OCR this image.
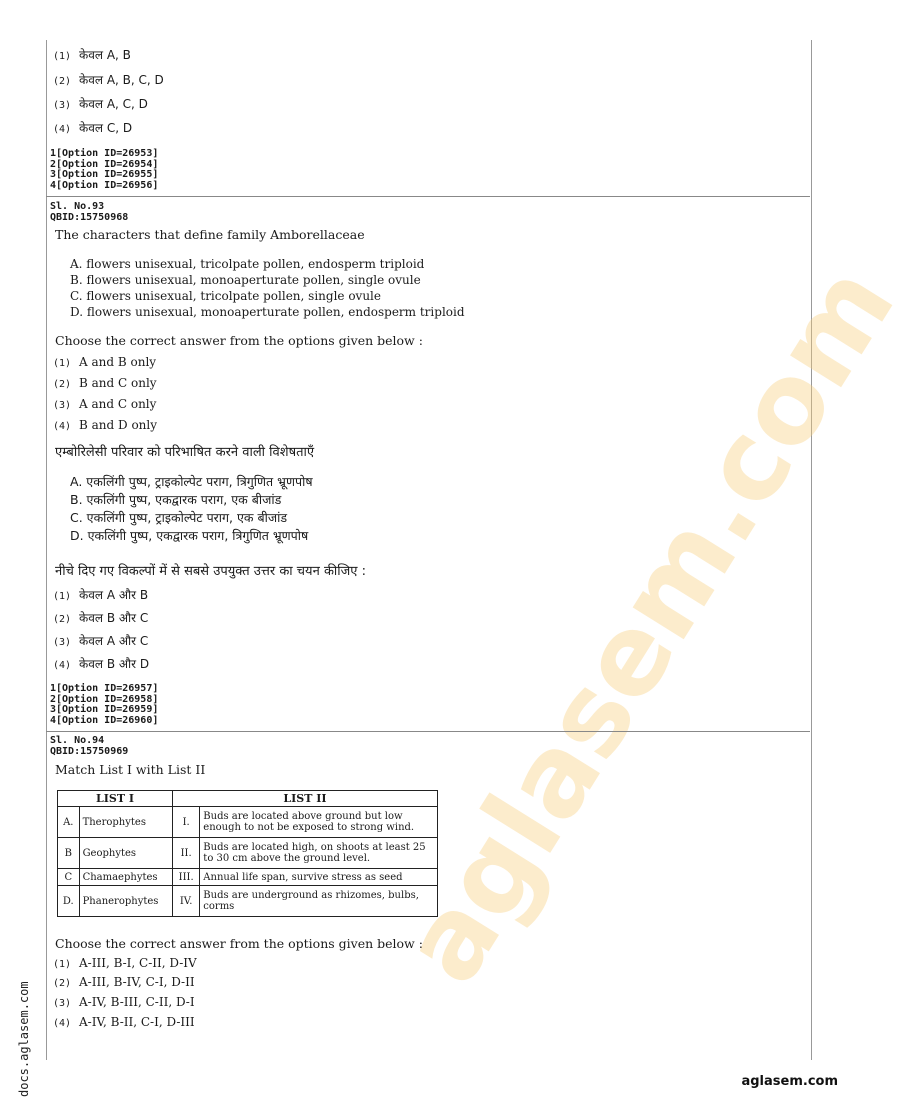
aglasem.com
(1) केवल A, B
(2) केवल A, B, C, D
(3) केवल A, C, D
(4) केवल C, D
1[Option ID=26953]
2[Option ID=26954]
3[Option ID=26955]
4[Option ID=26956]
Sl. No.93
QBID:15750968
The characters that define family Amborellaceae
A. flowers unisexual, tricolpate pollen, endosperm triploid
B. flowers unisexual, monoaperturate pollen, single ovule
C. flowers unisexual, tricolpate pollen, single ovule
D. flowers unisexual, monoaperturate pollen, endosperm triploid
Choose the correct answer from the options given below :
(1) A and B only
(2) B and C only
(3) A and C only
(4) B and D only
एम्बोरिलेसी परिवार को परिभाषित करने वाली विशेषताएँ
A. एकलिंगी पुष्प, ट्राइकोल्पेट पराग, त्रिगुणित भ्रूणपोष
B. एकलिंगी पुष्प, एकद्वारक पराग, एक बीजांड
C. एकलिंगी पुष्प, ट्राइकोल्पेट पराग, एक बीजांड
D. एकलिंगी पुष्प, एकद्वारक पराग, त्रिगुणित भ्रूणपोष
नीचे दिए गए विकल्पों में से सबसे उपयुक्त उत्तर का चयन कीजिए :
(1) केवल A और B
(2) केवल B और C
(3) केवल A और C
(4) केवल B और D
1[Option ID=26957]
2[Option ID=26958]
3[Option ID=26959]
4[Option ID=26960]
Sl. No.94
QBID:15750969
Match List I with List II
LIST I		LIST II	
A.	Therophytes	I.	Buds are located above ground but low enough to not be exposed to strong wind.
B	Geophytes	II.	Buds are located high, on shoots at least 25 to 30 cm above the ground level.
C	Chamaephytes	III.	Annual life span, survive stress as seed
D.	Phanerophytes	IV.	Buds are underground as rhizomes, bulbs, corms
Choose the correct answer from the options given below :
(1) A-III, B-I, C-II, D-IV
(2) A-III, B-IV, C-I, D-II
(3) A-IV, B-III, C-II, D-I
(4) A-IV, B-II, C-I, D-III
docs.aglasem.com	aglasem.com
